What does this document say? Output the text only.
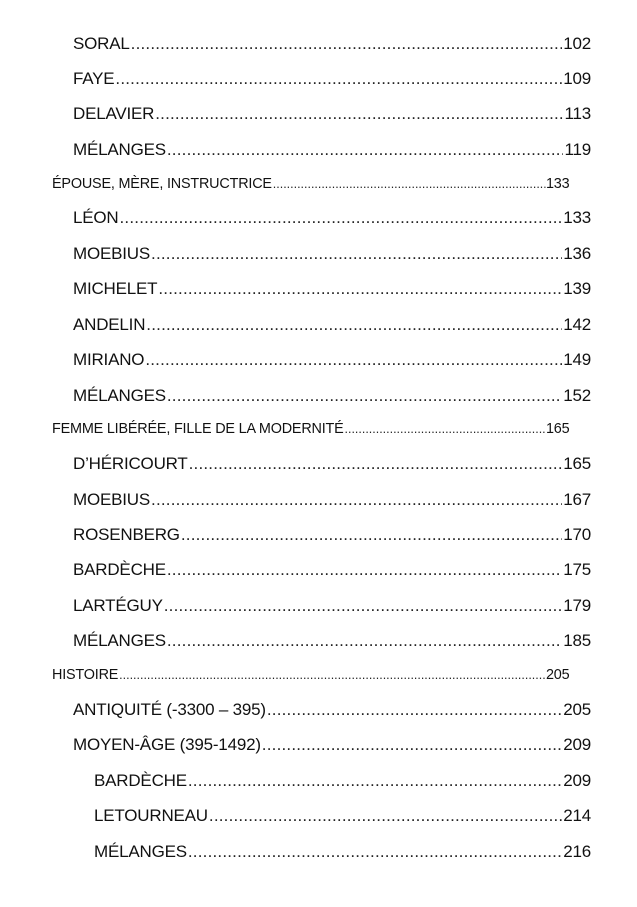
SORAL .....	102
FAYE .....	109
DELAVIER .....	113
MÉLANGES .....	119
ÉPOUSE, MÈRE, INSTRUCTRICE .....	133
LÉON .....	133
MOEBIUS .....	136
MICHELET .....	139
ANDELIN .....	142
MIRIANO .....	149
MÉLANGES .....	152
FEMME LIBÉRÉE, FILLE DE LA MODERNITÉ .....	165
D’HÉRICOURT .....	165
MOEBIUS .....	167
ROSENBERG .....	170
BARDÈCHE .....	175
LARTÉGUY .....	179
MÉLANGES .....	185
HISTOIRE .....	205
ANTIQUITÉ (-3300 – 395) .....	205
MOYEN-ÂGE (395-1492) .....	209
BARDÈCHE .....	209
LETOURNEAU .....	214
MÉLANGES .....	216
